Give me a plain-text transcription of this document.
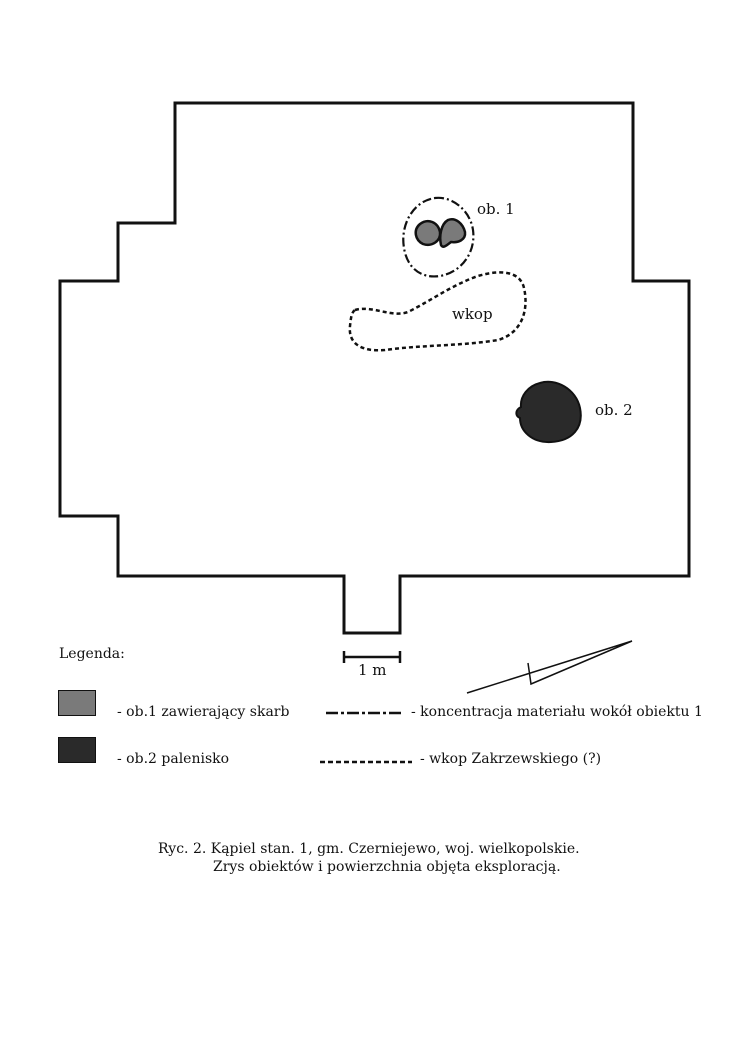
ob. 1
wkop
ob. 2
1 m
Legenda:
- ob.1 zawierający skarb
- ob.2 palenisko
- koncentracja materiału wokół obiektu 1
- wkop Zakrzewskiego (?)
Ryc. 2. Kąpiel stan. 1, gm. Czerniejewo, woj. wielkopolskie.
Zrys obiektów i powierzchnia objęta eksploracją.
